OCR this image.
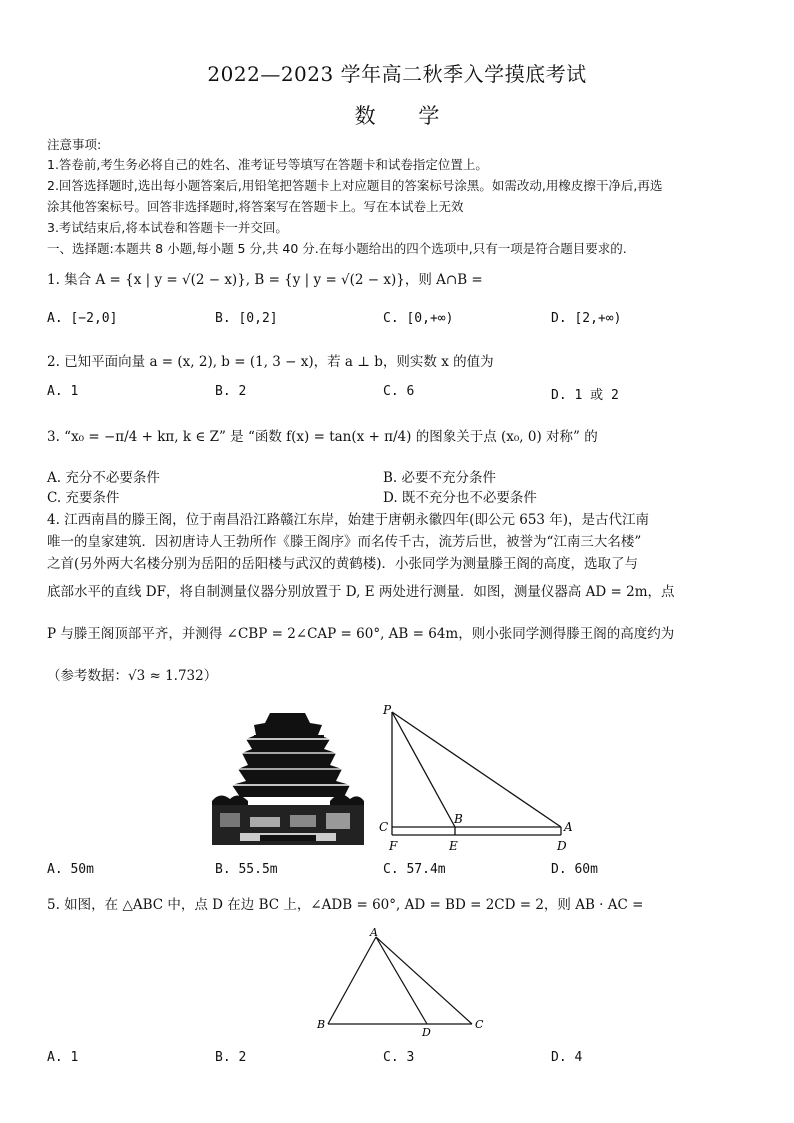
2022—2023 学年高二秋季入学摸底考试
数 学
注意事项:
1.答卷前,考生务必将自己的姓名、准考证号等填写在答题卡和试卷指定位置上。
2.回答选择题时,选出每小题答案后,用铅笔把答题卡上对应题目的答案标号涂黑。如需改动,用橡皮擦干净后,再选
涂其他答案标号。回答非选择题时,将答案写在答题卡上。写在本试卷上无效
3.考试结束后,将本试卷和答题卡一并交回。
一、选择题:本题共 8 小题,每小题 5 分,共 40 分.在每小题给出的四个选项中,只有一项是符合题目要求的.
1. 集合 A = {x | y = √(2 − x)}, B = {y | y = √(2 − x)}，则 A∩B =
A. [−2,0]	B. [0,2]	C. [0,+∞)	D. [2,+∞)
2. 已知平面向量 a = (x, 2), b = (1, 3 − x)，若 a ⊥ b，则实数 x 的值为
A. 1	B. 2	C. 6	D. 1 或 2
3. “x₀ = −π/4 + kπ, k ∈ Z” 是 “函数 f(x) = tan(x + π/4) 的图象关于点 (x₀, 0) 对称” 的
A. 充分不必要条件	B. 必要不充分条件
C. 充要条件	D. 既不充分也不必要条件
4. 江西南昌的滕王阁，位于南昌沿江路赣江东岸，始建于唐朝永徽四年(即公元 653 年)，是古代江南
唯一的皇家建筑．因初唐诗人王勃所作《滕王阁序》而名传千古，流芳后世，被誉为“江南三大名楼”
之首(另外两大名楼分别为岳阳的岳阳楼与武汉的黄鹤楼)．小张同学为测量滕王阁的高度，选取了与
底部水平的直线 DF，将自制测量仪器分别放置于 D, E 两处进行测量．如图，测量仪器高 AD = 2m，点
P 与滕王阁顶部平齐，并测得 ∠CBP = 2∠CAP = 60°, AB = 64m，则小张同学测得滕王阁的高度约为
（参考数据：√3 ≈ 1.732）
P
B
C	A
F	E	D
A. 50m	B. 55.5m	C. 57.4m	D. 60m
5. 如图，在 △ABC 中，点 D 在边 BC 上，∠ADB = 60°, AD = BD = 2CD = 2，则 AB · AC =
A
B
D
C
A. 1	B. 2	C. 3	D. 4
